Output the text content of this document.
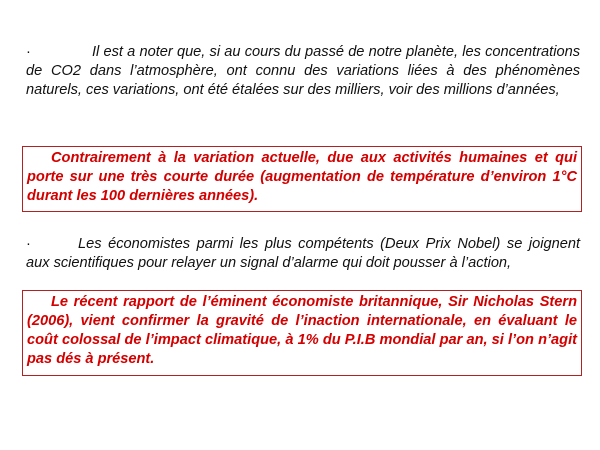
·	Il est a noter que, si au cours du passé de notre planète, les concentrations de CO2 dans l’atmosphère, ont connu des variations liées à des phénomènes naturels, ces variations, ont été étalées sur des milliers, voir des millions d’années,
Contrairement à la variation actuelle, due aux activités humaines et qui porte sur une très courte durée (augmentation de température d’environ 1°C durant les 100 dernières années).
·	Les économistes parmi les plus compétents (Deux Prix Nobel) se joignent aux scientifiques pour relayer un signal d’alarme qui doit pousser à l’action,
Le récent rapport de l’éminent économiste britannique, Sir Nicholas Stern (2006), vient confirmer la gravité de l’inaction internationale, en évaluant le coût colossal de l’impact climatique, à 1% du P.I.B mondial par an, si l’on n’agit pas dés à présent.
